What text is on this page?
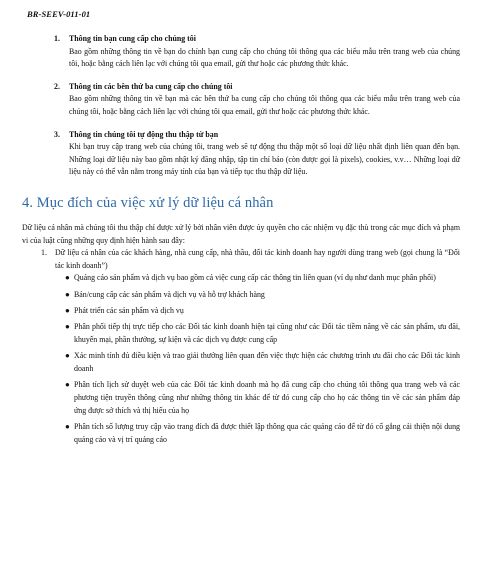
BR-SEEV-011-01
1. Thông tin bạn cung cấp cho chúng tôi

Bao gồm những thông tin về bạn do chính bạn cung cấp cho chúng tôi thông qua các biểu mẫu trên trang web của chúng tôi, hoặc bằng cách liên lạc với chúng tôi qua email, gửi thư hoặc các phương thức khác.

2. Thông tin các bên thứ ba cung cấp cho chúng tôi

Bao gồm những thông tin về bạn mà các bên thứ ba cung cấp cho chúng tôi thông qua các biểu mẫu trên trang web của chúng tôi, hoặc bằng cách liên lạc với chúng tôi qua email, gửi thư hoặc các phương thức khác.

3. Thông tin chúng tôi tự động thu thập từ bạn

Khi bạn truy cập trang web của chúng tôi, trang web sẽ tự động thu thập một số loại dữ liệu nhất định liên quan đến bạn. Những loại dữ liệu này bao gồm nhật ký đăng nhập, tập tin chỉ báo (còn được gọi là pixels), cookies, v.v… Những loại dữ liệu này có thể vẫn nằm trong máy tính của bạn và tiếp tục thu thập dữ liệu.

4. Mục đích của việc xử lý dữ liệu cá nhân

Dữ liệu cá nhân mà chúng tôi thu thập chỉ được xử lý bởi nhân viên được ủy quyền cho các nhiệm vụ đặc thù trong các mục đích và phạm vi của luật cũng những quy định hiện hành sau đây:

1. Dữ liệu cá nhân của các khách hàng, nhà cung cấp, nhà thầu, đối tác kinh doanh hay người dùng trang web (gọi chung là “Đối tác kinh doanh”)
● Quảng cáo sản phẩm và dịch vụ bao gồm cả việc cung cấp các thông tin liên quan (ví dụ như danh mục phân phối)
● Bán/cung cấp các sản phẩm và dịch vụ và hỗ trợ khách hàng
● Phát triển các sản phẩm và dịch vụ
● Phân phối tiếp thị trực tiếp cho các Đối tác kinh doanh hiện tại cũng như các Đối tác tiềm năng về các sản phẩm, ưu đãi, khuyến mại, phần thưởng, sự kiện và các dịch vụ được cung cấp
● Xác minh tính đủ điều kiện và trao giải thưởng liên quan đến việc thực hiện các chương trình ưu đãi cho các Đối tác kinh doanh
● Phân tích lịch sử duyệt web của các Đối tác kinh doanh mà họ đã cung cấp cho chúng tôi thông qua trang web và các phương tiện truyền thông cũng như những thông tin khác để từ đó cung cấp cho họ các thông tin về các sản phẩm đáp ứng được sở thích và thị hiếu của họ
● Phân tích số lượng truy cập vào trang đích đã được thiết lập thông qua các quảng cáo để từ đó cố gắng cải thiện nội dung quảng cáo và vị trí quảng cáo
